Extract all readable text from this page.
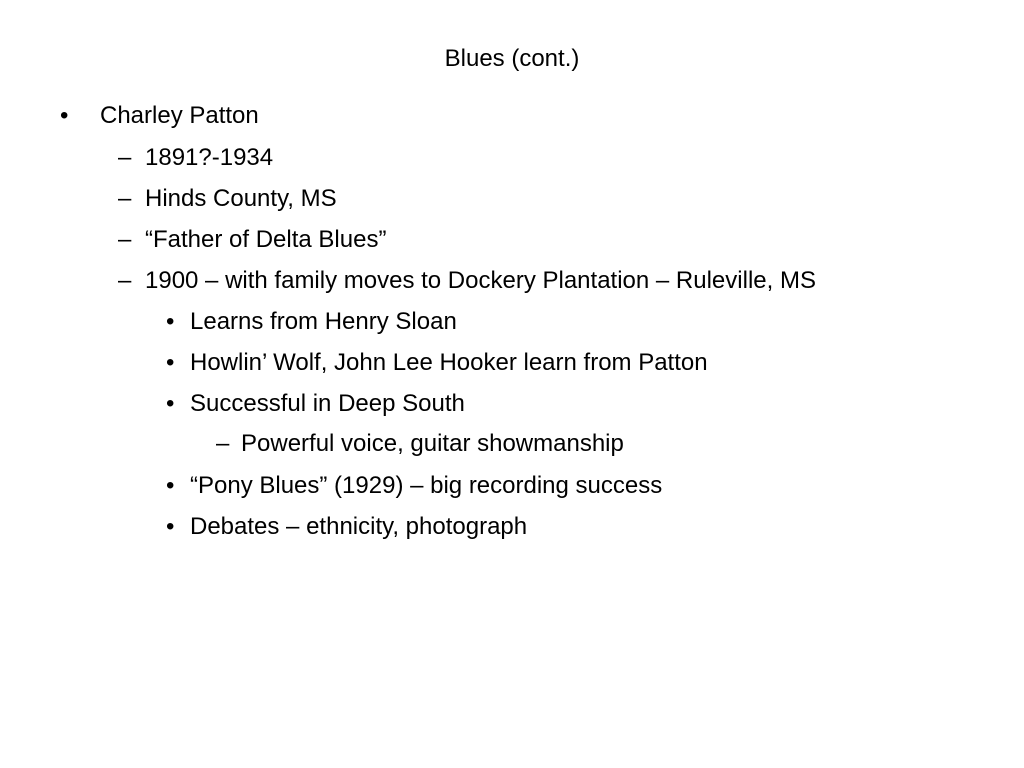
Blues (cont.)
• Charley Patton
– 1891?-1934
– Hinds County, MS
– “Father of Delta Blues”
– 1900 – with family moves to Dockery Plantation – Ruleville, MS
• Learns from Henry Sloan
• Howlin’ Wolf, John Lee Hooker learn from Patton
• Successful in Deep South
– Powerful voice, guitar showmanship
• “Pony Blues” (1929) – big recording success
• Debates – ethnicity, photograph
